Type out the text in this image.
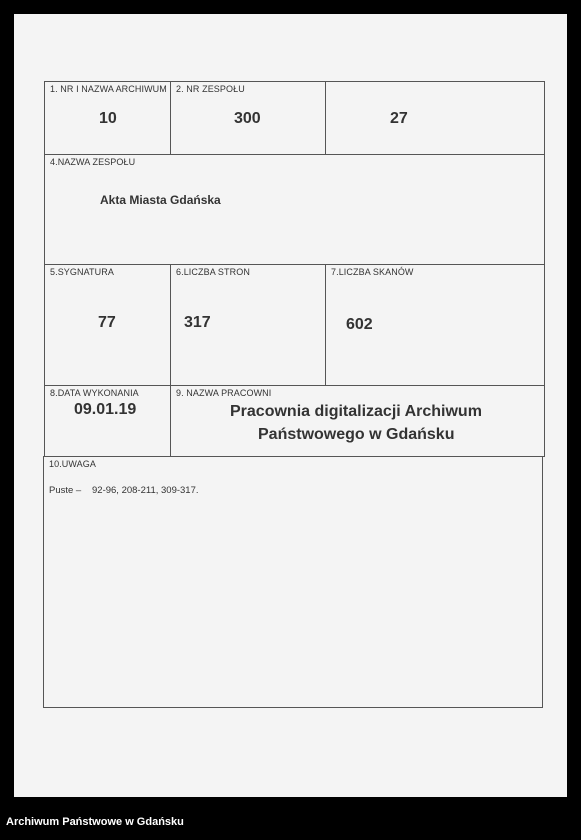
1. NR I NAZWA ARCHIWUM
10
2. NR ZESPOŁU
300	27
4.NAZWA ZESPOŁU
Akta Miasta Gdańska
5.SYGNATURA
77
6.LICZBA STRON
317
7.LICZBA SKANÓW
602
8.DATA WYKONANIA
09.01.19
9. NAZWA PRACOWNI
Pracownia digitalizacji Archiwum
Państwowego w Gdańsku
10.UWAGA
Puste – 92-96, 208-211, 309-317.
Archiwum Państwowe w Gdańsku
